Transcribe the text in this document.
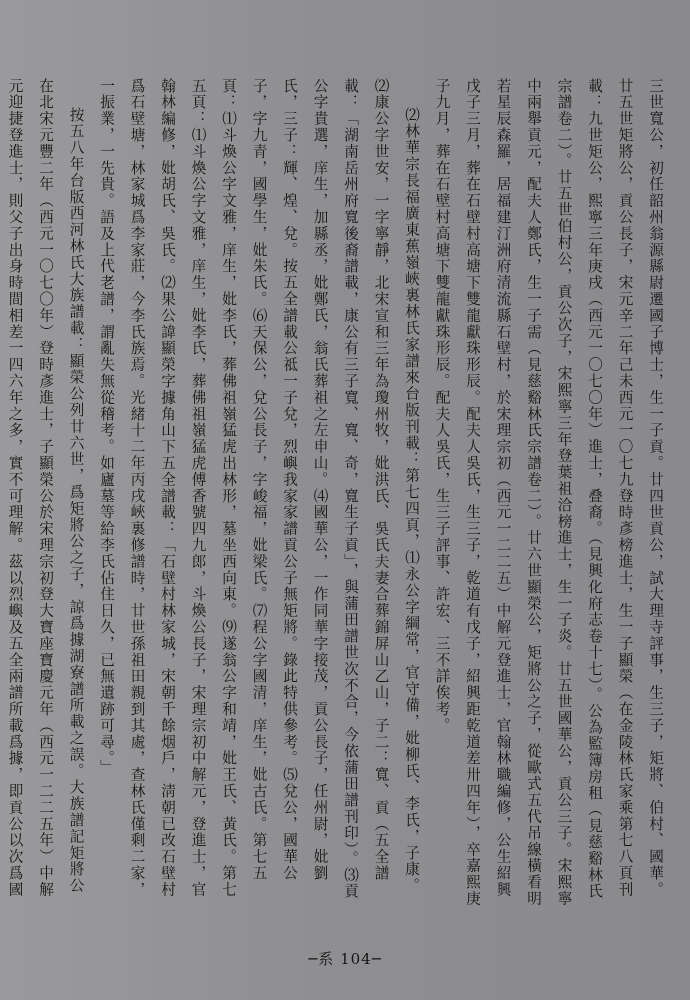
三世寬公，初任韶州翁源縣尉遷國子博士，生一子貢。廿四世貢公，試大理寺評事，生三子，矩將、伯村、國華。廿五世矩將公，貢公長子，宋元辛二年己未西元一〇七九登時彥榜進士，生一子顯榮（在金陵林氏家乘第七八頁刊載：九世矩公，熙寧三年庚戌（西元一〇七〇年）進士，叠裔。（見興化府志卷十七）。公為監簿房租（見慈谿林氏宗譜卷二）。廿五世伯村公，貢公次子，宋熙寧三年登葉祖洽榜進士，生一子炎。廿五世國華公，貢公三子。宋熙寧中兩舉貢元，配夫人鄭氏，生一子需（見慈谿林氏宗譜卷二）。廿六世顯榮公，矩將公之子，從歐式五代吊線橫看明若星辰森羅，居福建汀洲府清流縣石壁村，於宋理宗初（西元一二二五）中解元登進士，官翰林職編修，公生紹興戊子三月，葬在石壁村高塘下雙龍獻珠形辰。配夫人吳氏，生三子，乾道有戊子，紹興距乾道差卅四年），卒嘉熙庚子九月，葬在石壁村高塘下雙龍獻珠形辰。配夫人吳氏，生三子評事、許宏、三不詳俟考。

⑵林華宗長福廣東蕉嶺峽裏林氏家譜來台版刊載：第七四頁，⑴永公字綱常，官守備，妣柳氏、李氏，子康。⑵康公字世安，一字寧靜，北宋宣和三年為瓊州牧，妣洪氏、吳氏夫妻合葬錦屏山乙山，子二：寬、貢（五全譜載：「湖南岳州府寬後裔譜載，康公有三子寬、寬、奇，寬生子貢」，與蒲田譜世次不合，今依蒲田譜刊印）。⑶貢公字貴選，庠生，加縣丞，妣鄭氏，翁氏葬祖之左申山。⑷國華公，一作同華字接茂，貢公長子，任州尉，妣劉氏，三子：輝、煌、兌。按五全譜載公祗一子兌，烈嶼我家家譜貢公子無矩將。錄此特供參考。⑸兌公，國華公子，字九青，國學生，妣朱氏。⑹天保公，兌公長子，字峻福，妣梁氏。⑺程公字國清，庠生，妣古氏。第七五頁：⑴斗煥公字文雅，庠生，妣李氏，葬佛祖嶺猛虎出林形，墓坐西向東。⑼遂翁公字和靖，妣王氏、黃氏。第七五頁：⑴斗煥公字文雅，庠生，妣李氏，葬佛祖嶺猛虎傅香號四九郎，斗煥公長子，宋理宗初中解元，登進士，官翰林編修，妣胡氏、吳氏。⑵果公諱顯榮字據角山下五全譜載：「石壁村林家城，宋朝千餘烟戶，淸朝已改石壁村爲石壁塘，林家城爲李家莊，今李氏族焉。光緒十二年丙戌峽裏修譜時，廿世孫祖田親到其處，查林氏僅剩二家，一振業，一先貴。語及上代老譜，謂亂失無從稽考。如廬墓等給李氏佔住日久，已無遺跡可尋。」

按五八年台版西河林氏大族譜載：顯榮公列廿六世，爲矩將公之子，諒爲據湖寮譜所載之誤。大族譜記矩將公在北宋元豐二年（西元一〇七〇年）登時彥進士，子顯榮公於宋理宗初登大寶座寶慶元年（西元一二二五年）中解元迎捷登進士，則父子出身時間相差一四六年之多，實不可理解。茲以烈嶼及五全兩譜所載爲據，即貢公以次爲國

─系 104─
